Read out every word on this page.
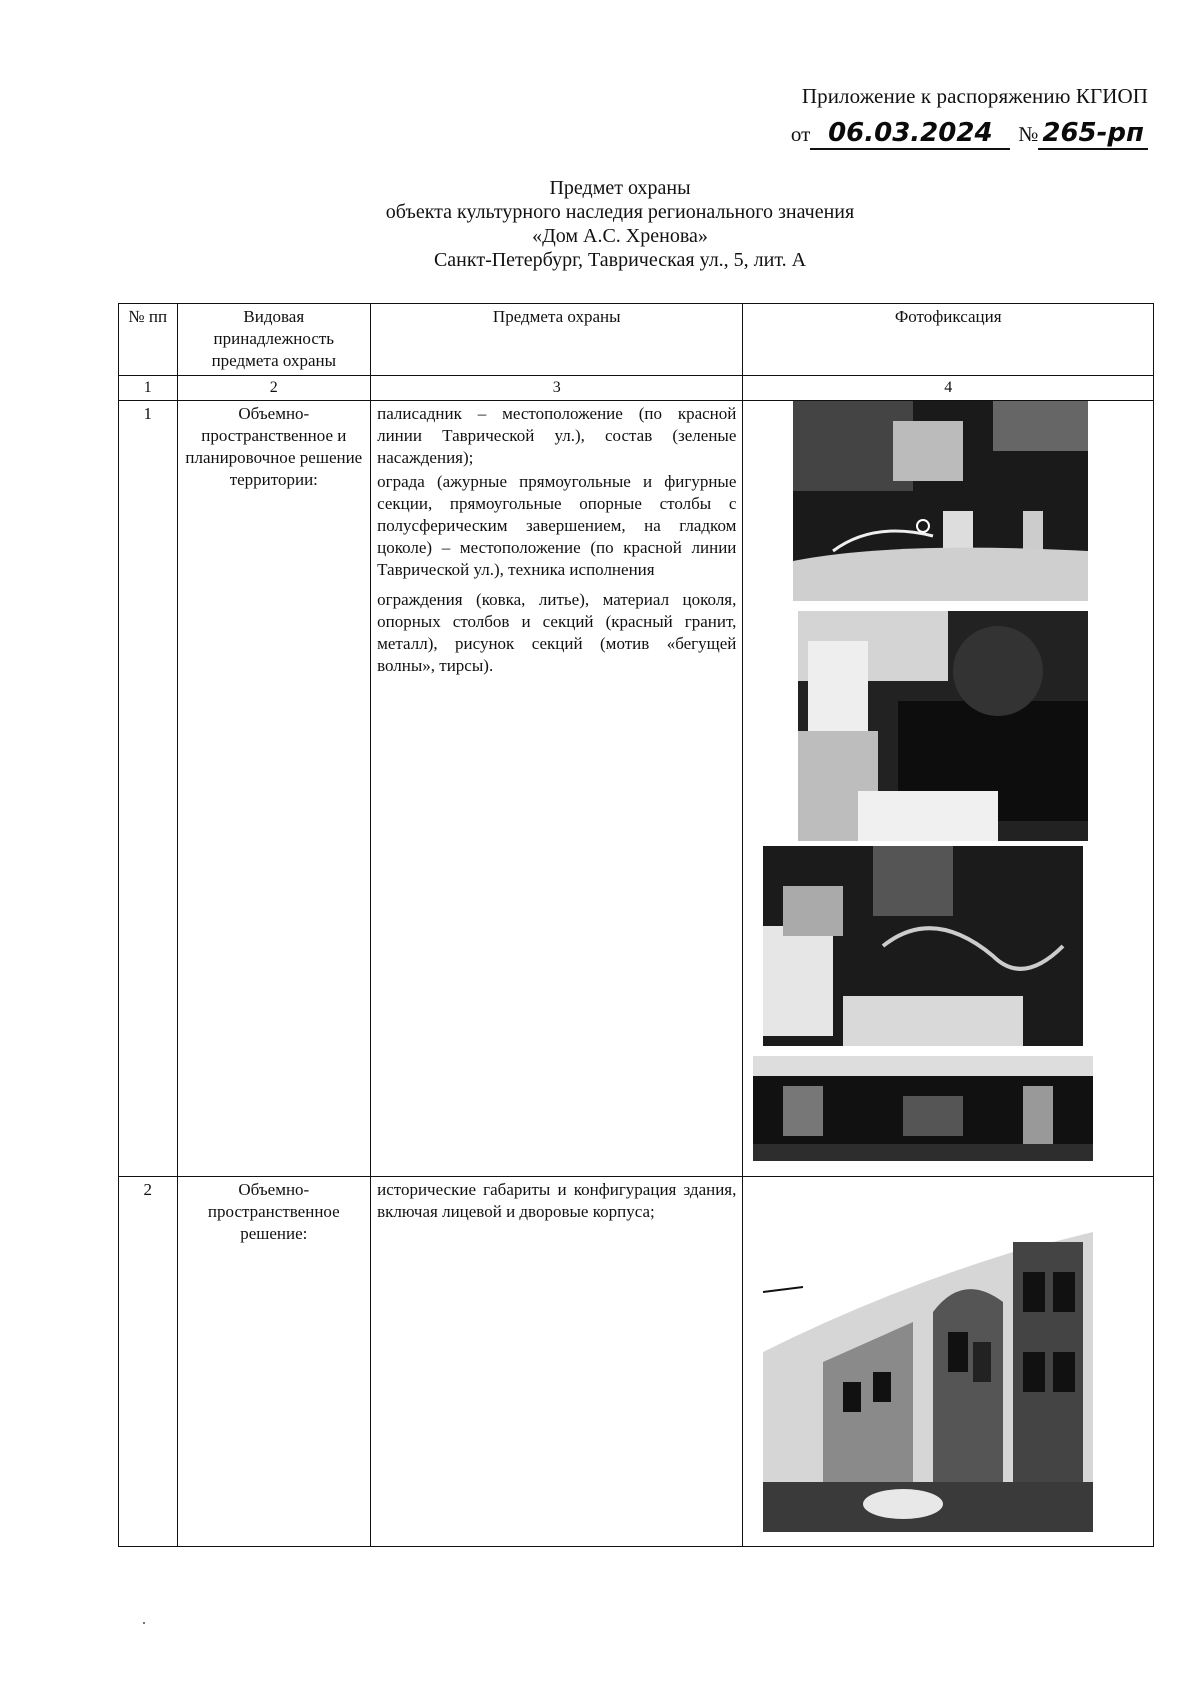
Приложение к распоряжению КГИОП
от 06.03.2024	№ 265-рп
Предмет охраны
объекта культурного наследия регионального значения
«Дом А.С. Хренова»
Санкт-Петербург, Таврическая ул., 5, лит. А
№ пп	Видовая принадлежность предмета охраны	Предмета охраны	Фотофиксация
1	2	3	4
1	Объемно-пространственное и планировочное решение территории:	палисадник – местоположение (по красной линии Таврической ул.), состав (зеленые насаждения);
ограда (ажурные прямоугольные и фигурные секции, прямоугольные опорные столбы с полусферическим завершением, на гладком цоколе) – местоположение (по красной линии Таврической ул.), техника исполнения
ограждения (ковка, литье), материал цоколя, опорных столбов и секций (красный гранит, металл), рисунок секций (мотив «бегущей волны», тирсы).

2	Объемно-пространственное решение:	исторические габариты и конфигурация здания, включая лицевой и дворовые корпуса;
